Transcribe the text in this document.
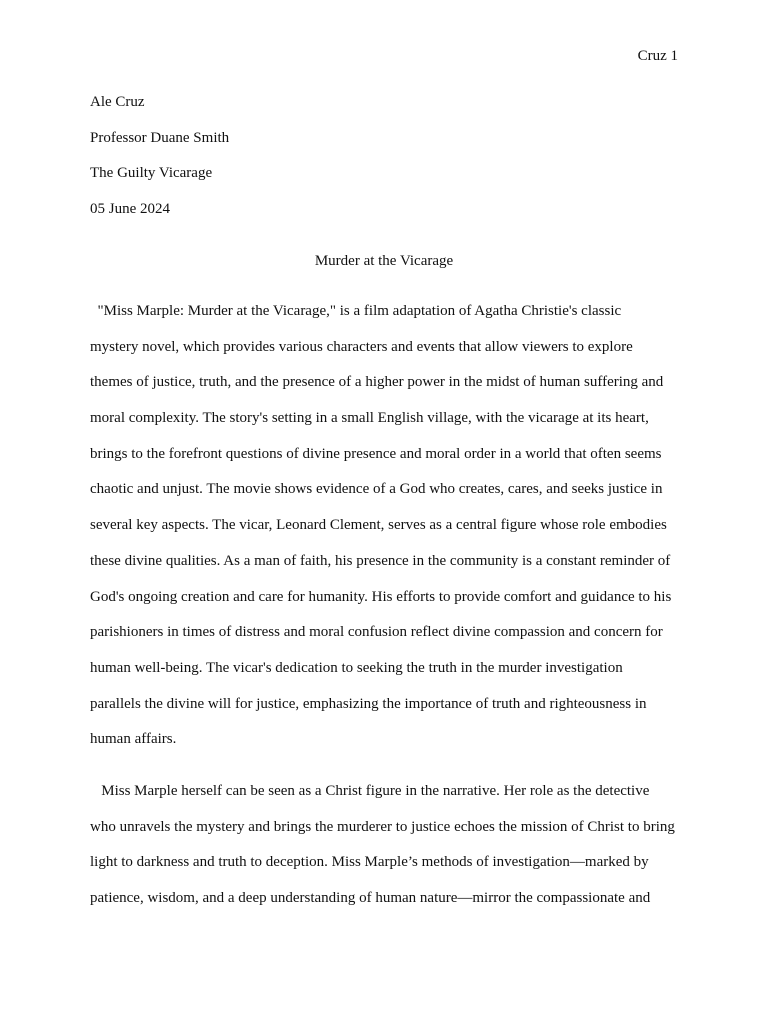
Cruz 1
Ale Cruz
Professor Duane Smith
The Guilty Vicarage
05 June 2024
Murder at the Vicarage
"Miss Marple: Murder at the Vicarage," is a film adaptation of Agatha Christie's classic
mystery novel, which provides various characters and events that allow viewers to explore
themes of justice, truth, and the presence of a higher power in the midst of human suffering and
moral complexity. The story's setting in a small English village, with the vicarage at its heart,
brings to the forefront questions of divine presence and moral order in a world that often seems
chaotic and unjust. The movie shows evidence of a God who creates, cares, and seeks justice in
several key aspects. The vicar, Leonard Clement, serves as a central figure whose role embodies
these divine qualities. As a man of faith, his presence in the community is a constant reminder of
God's ongoing creation and care for humanity. His efforts to provide comfort and guidance to his
parishioners in times of distress and moral confusion reflect divine compassion and concern for
human well-being. The vicar's dedication to seeking the truth in the murder investigation
parallels the divine will for justice, emphasizing the importance of truth and righteousness in
human affairs.
Miss Marple herself can be seen as a Christ figure in the narrative. Her role as the detective
who unravels the mystery and brings the murderer to justice echoes the mission of Christ to bring
light to darkness and truth to deception. Miss Marple’s methods of investigation—marked by
patience, wisdom, and a deep understanding of human nature—mirror the compassionate and
